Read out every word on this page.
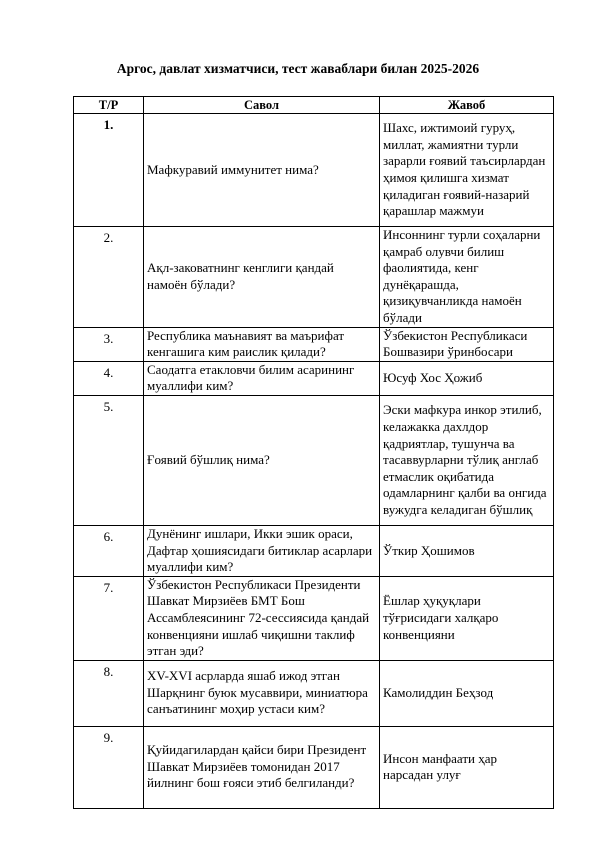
Аргос, давлат хизматчиси, тест жаваблари билан 2025-2026
Т/Р	Савол	Жавоб
1.	Мафкуравий иммунитет нима?	Шахс, ижтимоий гуруҳ, миллат, жамиятни турли зарарли ғоявий таъсирлардан ҳимоя қилишга хизмат қиладиган ғоявий-назарий қарашлар мажмуи
2.	Ақл-заковатнинг кенглиги қандай намоён бўлади?	Инсоннинг турли соҳаларни қамраб олувчи билиш фаолиятида, кенг дунёқарашда, қизиқувчанликда намоён бўлади
3.	Республика маънавият ва маърифат кенгашига ким раислик қилади?	Ўзбекистон Республикаси Бошвазири ўринбосари
4.	Саодатга етакловчи билим асарининг муаллифи ким?	Юсуф Хос Ҳожиб
5.	Ғоявий бўшлиқ нима?	Эски мафкура инкор этилиб, келажакка дахлдор қадриятлар, тушунча ва тасаввурларни тўлиқ англаб етмаслик оқибатида одамларнинг қалби ва онгида вужудга келадиган бўшлиқ
6.	Дунёнинг ишлари, Икки эшик ораси, Дафтар ҳошиясидаги битиклар асарлари муаллифи ким?	Ўткир Ҳошимов
7.	Ўзбекистон Республикаси Президенти Шавкат Мирзиёев БМТ Бош Ассамблеясининг 72-сессиясида қандай конвенцияни ишлаб чиқишни таклиф этган эди?	Ёшлар ҳуқуқлари тўғрисидаги халқаро конвенцияни
8.	XV-XVI асрларда яшаб ижод этган Шарқнинг буюк мусаввири, миниатюра санъатининг моҳир устаси ким?	Камолиддин Беҳзод
9.	Қуйидагилардан қайси бири Президент Шавкат Мирзиёев томонидан 2017 йилнинг бош ғояси этиб белгиланди?	Инсон манфаати ҳар нарсадан улуғ
